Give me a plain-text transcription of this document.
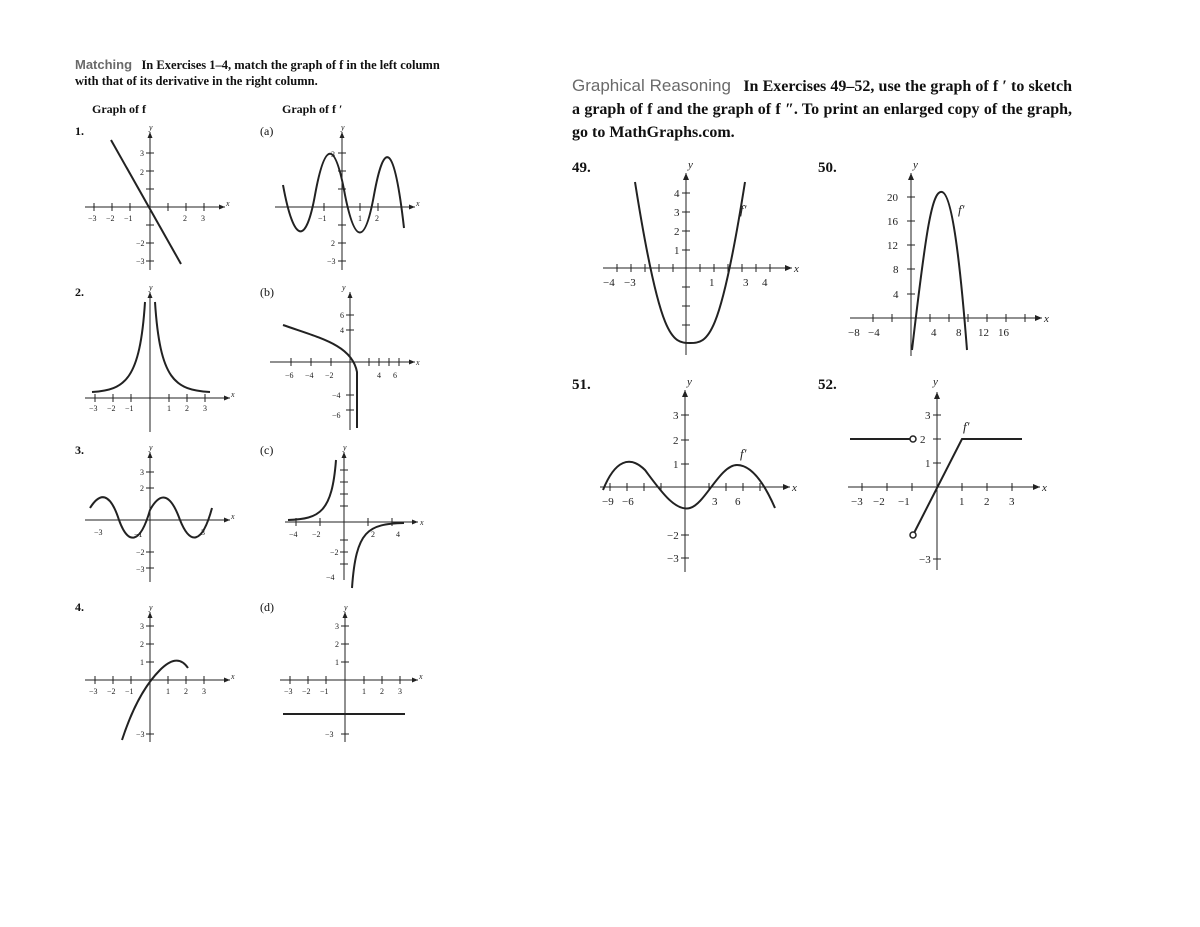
Matching In Exercises 1–4, match the graph of f in the left column with that of its derivative in the right column.
Graph of f	Graph of f ′
1.
2.
3.
4.
(a)
(b)
(c)
(d)
Graphical Reasoning In Exercises 49–52, use the graph of f ′ to sketch a graph of f and the graph of f ″. To print an enlarged copy of the graph, go to MathGraphs.com.
49.	50.
51.	52.
y
x
−3 −2 −1	2 3
3
2
−2
−3
y
x
−1	1 2
3
2
−3
y
x
−3 −2 −1	1 2 3
y
x
−6 −4 −2	4 6
6
4
−4
−6
y
x
−3	−1	3
3
2
−2
−3
y
x
−4 −2	2	4
−2
−4
y
x
−3 −2 −1	1 2 3
3
2
1
−3
y
x
−3 −2 −1	1 2 3
3
2
1
−3
y
x
−4 −3	1	3 4
4
3
2
1
f′
y
x
−8 −4	4 8 12 16
20
16
12
8
4
f′
y
x
−9 −6	3 6
3
2
1
−2
−3
f′
y
x
−3 −2 −1	1 2 3
3
2
1
−3
f′
